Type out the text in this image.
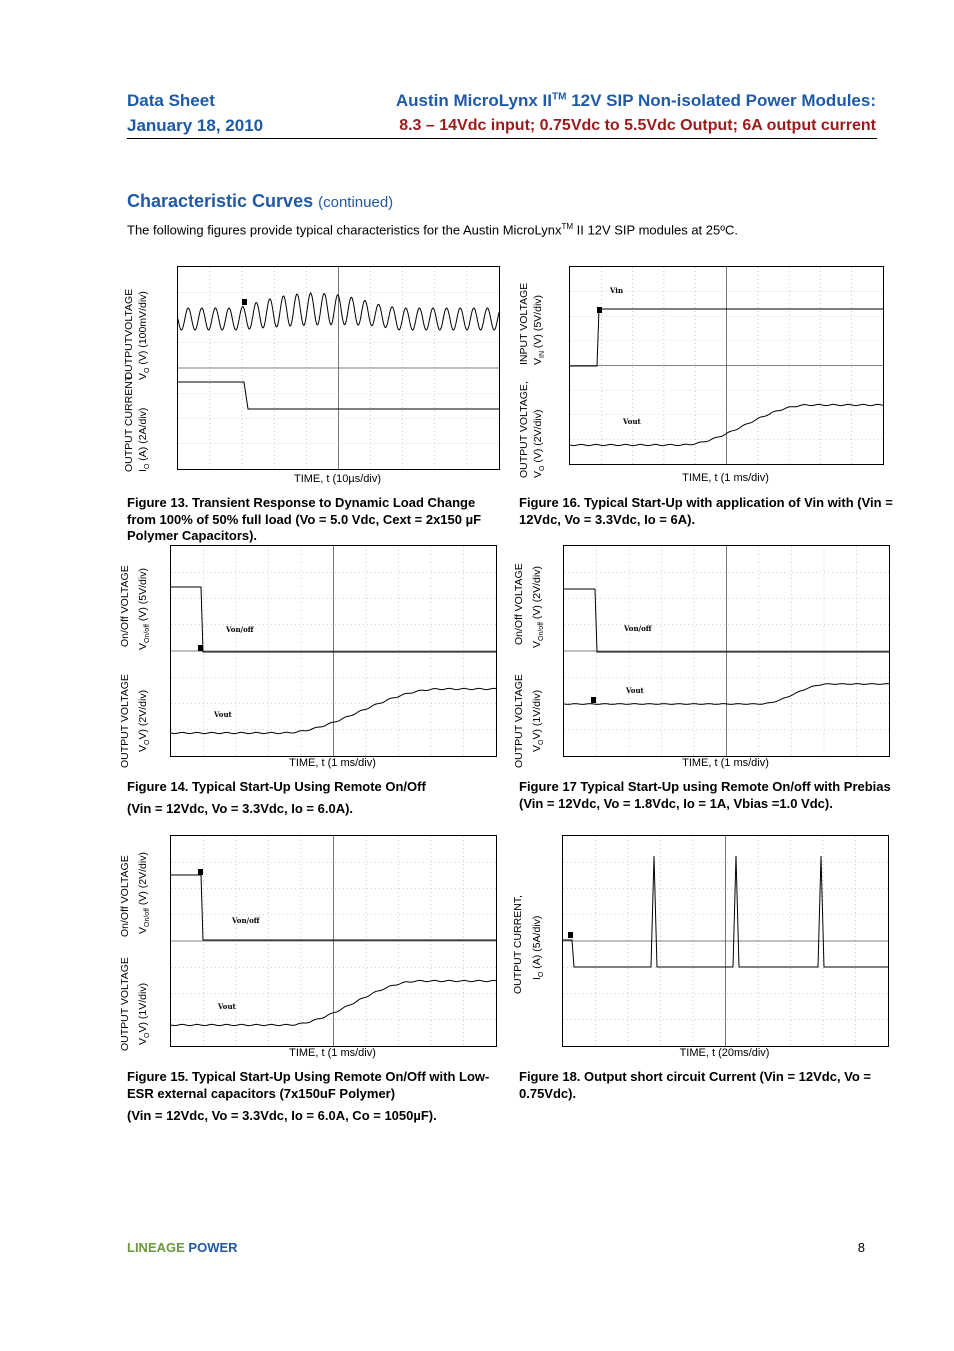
Data Sheet
January 18, 2010
Austin MicroLynx II™ 12V SIP Non-isolated Power Modules:
8.3 – 14Vdc input; 0.75Vdc to 5.5Vdc Output; 6A output current
Characteristic Curves (continued)
The following figures provide typical characteristics for the Austin MicroLynx™ II 12V SIP modules at 25ºC.
OUTPUTVOLTAGE $V_O$ (V) (100mV/div)
OUTPUT CURRENT $I_O$ (A) (2A/div)
TIME, t (10µs/div)
Figure 13. Transient Response to Dynamic Load Change from 100% of 50% full load (Vo = 5.0 Vdc, Cext = 2x150 µF Polymer Capacitors).
INPUT VOLTAGE $V_{IN}$ (V) (5V/div)
OUTPUT VOLTAGE, $V_O$ (V) (2V/div)
Vin
Vout
TIME, t (1 ms/div)
Figure 16. Typical Start-Up with application of Vin with (Vin = 12Vdc, Vo = 3.3Vdc, Io = 6A).
On/Off VOLTAGE $V_{On/off}$ (V) (5V/div)
OUTPUT VOLTAGE $V_OV$) (2V/div)
Von/off
Vout
TIME, t (1 ms/div)
Figure 14. Typical Start-Up Using Remote On/Off
(Vin = 12Vdc, Vo = 3.3Vdc, Io = 6.0A).
On/Off VOLTAGE $V_{On/off}$ (V) (2V/div)
OUTPUT VOLTAGE $V_OV$) (1V/div)
Von/off
Vout
TIME, t (1 ms/div)
Figure 17 Typical Start-Up using Remote On/off with Prebias (Vin = 12Vdc, Vo = 1.8Vdc, Io = 1A, Vbias =1.0 Vdc).
On/Off VOLTAGE $V_{On/off}$ (V) (2V/div)
OUTPUT VOLTAGE $V_OV$) (1V/div)
Von/off
Vout
TIME, t (1 ms/div)
Figure 15. Typical Start-Up Using Remote On/Off with Low-ESR external capacitors (7x150uF Polymer)
(Vin = 12Vdc, Vo = 3.3Vdc, Io = 6.0A, Co = 1050µF).
OUTPUT CURRENT, $I_O$ (A) (5A/div)
TIME, t (20ms/div)
Figure 18. Output short circuit Current (Vin = 12Vdc, Vo = 0.75Vdc).
LINEAGE POWER	8
